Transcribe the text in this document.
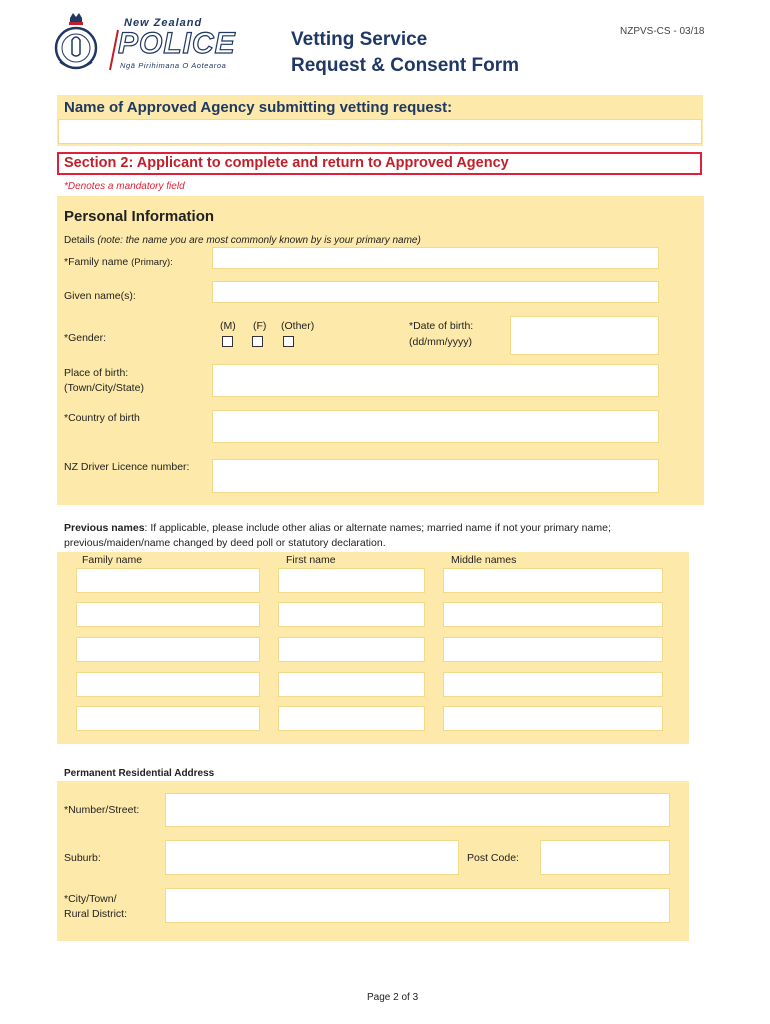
New Zealand
POLICE
Ngā Pirihimana O Aotearoa
Vetting Service
Request & Consent Form
NZPVS-CS - 03/18
Name of Approved Agency submitting vetting request:
Section 2: Applicant to complete and return to Approved Agency
*Denotes a mandatory field
Personal Information
Details (note: the name you are most commonly known by is your primary name)
*Family name (Primary):
Given name(s):
*Gender:
(M) (F) (Other)	*Date of birth:
(dd/mm/yyyy)
Place of birth:
(Town/City/State)
*Country of birth
NZ Driver Licence number:
Previous names: If applicable, please include other alias or alternate names; married name if not your primary name;
previous/maiden/name changed by deed poll or statutory declaration.
Family name	First name	Middle names
Permanent Residential Address
*Number/Street:
Suburb:	Post Code:
*City/Town/
Rural District:
Page 2 of 3
